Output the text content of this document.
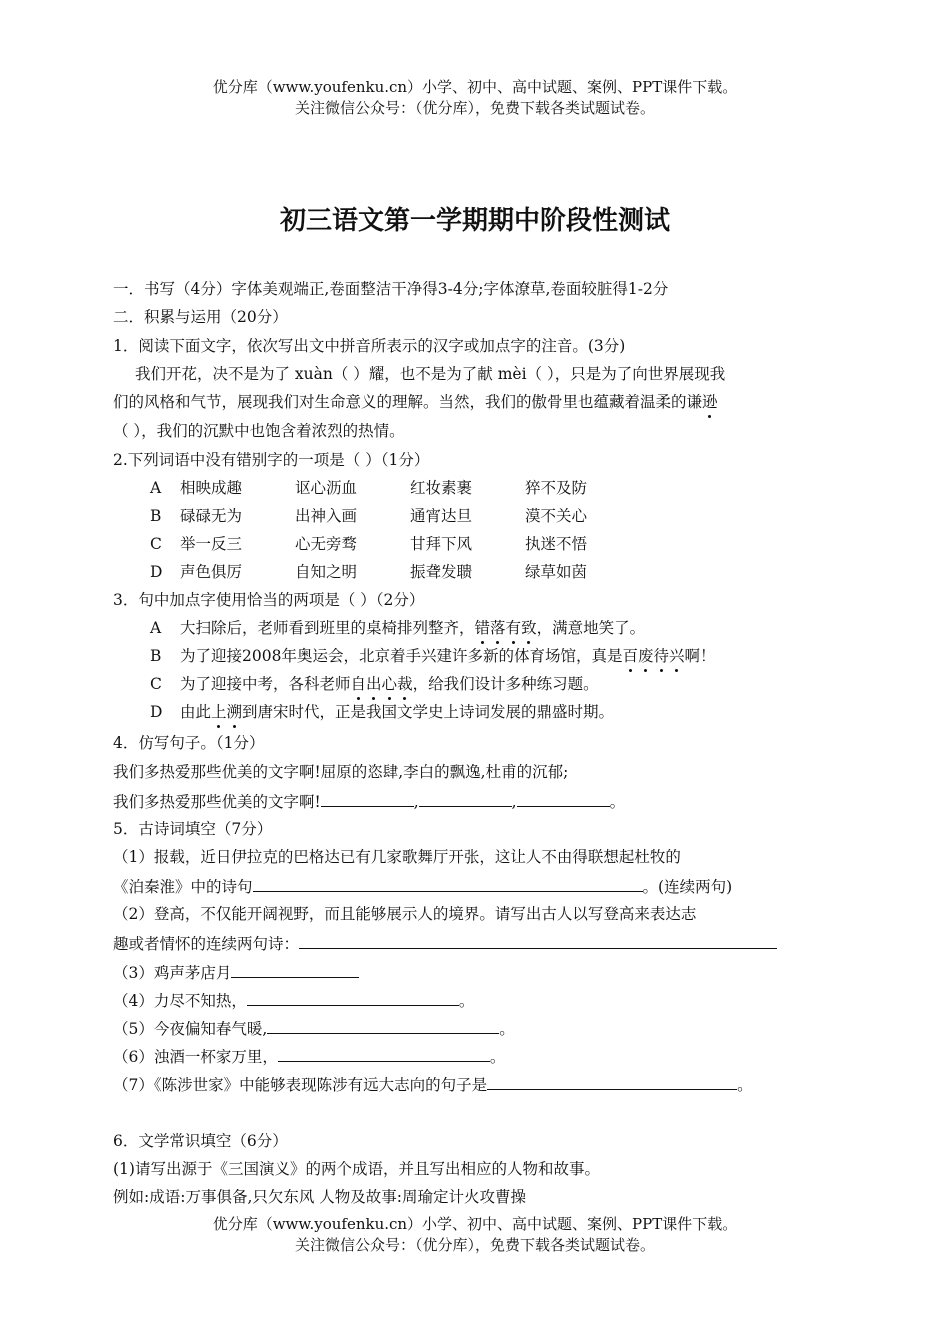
优分库（www.youfenku.cn）小学、初中、高中试题、案例、PPT课件下载。
关注微信公众号：（优分库），免费下载各类试题试卷。
初三语文第一学期期中阶段性测试
一．书写（4分）字体美观端正,卷面整洁干净得3-4分;字体潦草,卷面较脏得1-2分
二．积累与运用（20分）
1．阅读下面文字，依次写出文中拼音所表示的汉字或加点字的注音。(3分)
我们开花，决不是为了 xuàn（ ）耀，也不是为了献 mèi（ ），只是为了向世界展现我
们的风格和气节，展现我们对生命意义的理解。当然，我们的傲骨里也蕴藏着温柔的谦逊
（ ），我们的沉默中也饱含着浓烈的热情。
2.下列词语中没有错别字的一项是（ ）（1分）
A 相映成趣	讴心沥血	红妆素裹	猝不及防
B 碌碌无为	出神入画	通宵达旦	漠不关心
C 举一反三	心无旁骛	甘拜下风	执迷不悟
D 声色俱厉	自知之明	振聋发聩	绿草如茵
3．句中加点字使用恰当的两项是（ ）（2分）
A 大扫除后，老师看到班里的桌椅排列整齐，错落有致，满意地笑了。
B 为了迎接2008年奥运会，北京着手兴建许多新的体育场馆，真是百废待兴啊！
C 为了迎接中考，各科老师自出心裁，给我们设计多种练习题。
D 由此上溯到唐宋时代，正是我国文学史上诗词发展的鼎盛时期。
4．仿写句子。（1分）
我们多热爱那些优美的文字啊!屈原的恣肆,李白的飘逸,杜甫的沉郁;
我们多热爱那些优美的文字啊!	,	,	。
5．古诗词填空（7分）
（1）报载，近日伊拉克的巴格达已有几家歌舞厅开张，这让人不由得联想起杜牧的
《泊秦淮》中的诗句	。(连续两句)
（2）登高，不仅能开阔视野，而且能够展示人的境界。请写出古人以写登高来表达志
趣或者情怀的连续两句诗：
（3）鸡声茅店月
（4）力尽不知热，	。
（5）今夜偏知春气暖,	。
（6）浊酒一杯家万里，	。
（7）《陈涉世家》中能够表现陈涉有远大志向的句子是	。
6．文学常识填空（6分）
(1)请写出源于《三国演义》的两个成语，并且写出相应的人物和故事。
例如:成语:万事俱备,只欠东风 人物及故事:周瑜定计火攻曹操
优分库（www.youfenku.cn）小学、初中、高中试题、案例、PPT课件下载。
关注微信公众号：（优分库），免费下载各类试题试卷。
